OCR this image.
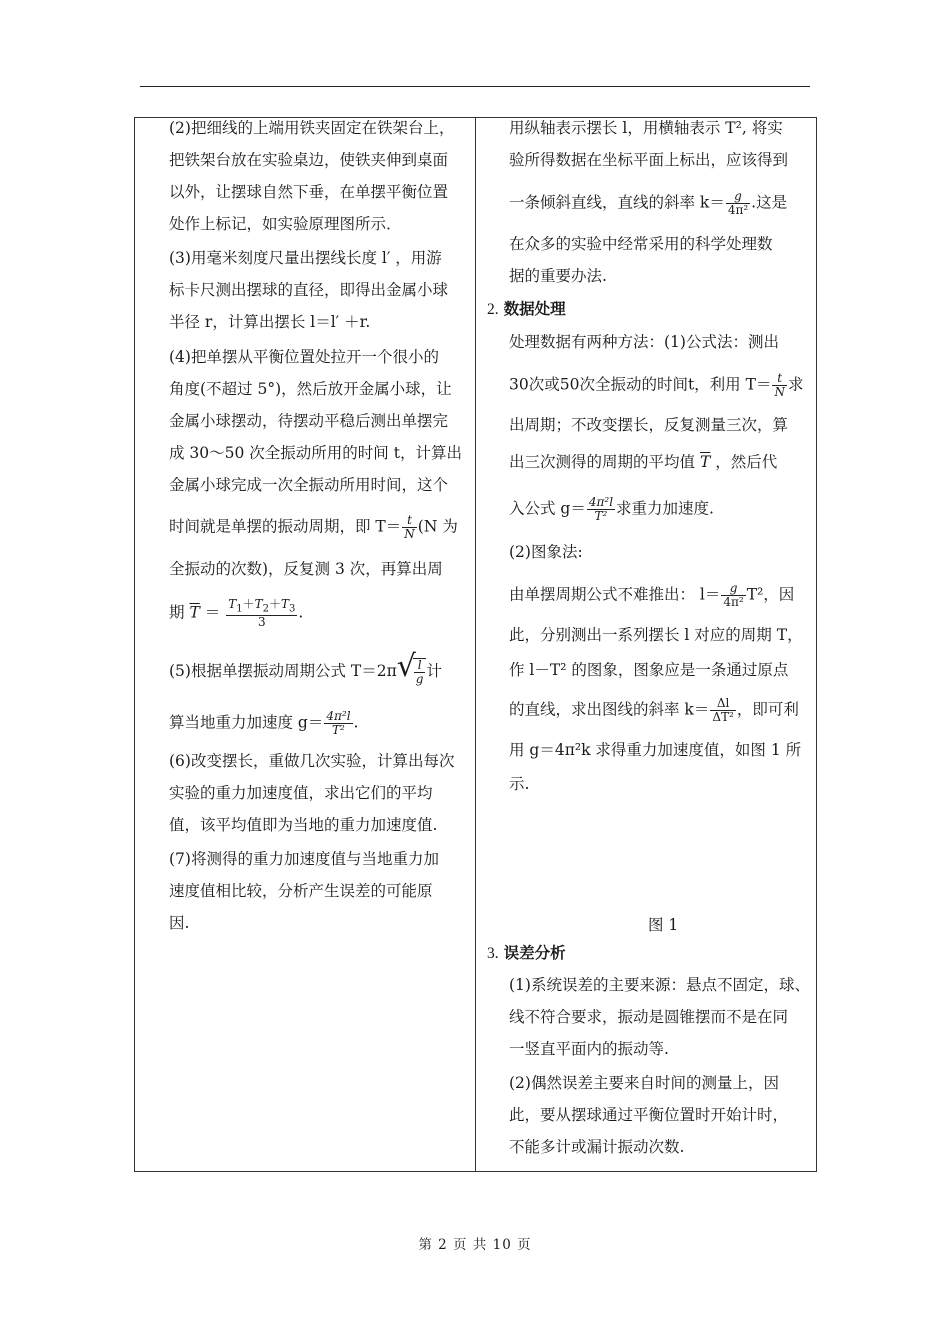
(2)把细线的上端用铁夹固定在铁架台上，
把铁架台放在实验桌边，使铁夹伸到桌面
以外，让摆球自然下垂，在单摆平衡位置
处作上标记，如实验原理图所示．
(3)用毫米刻度尺量出摆线长度 l′ ，用游
标卡尺测出摆球的直径，即得出金属小球
半径 r，计算出摆长 l＝l′ ＋r.
(4)把单摆从平衡位置处拉开一个很小的
角度(不超过 5°)，然后放开金属小球，让
金属小球摆动，待摆动平稳后测出单摆完
成 30～50 次全振动所用的时间 t，计算出
金属小球完成一次全振动所用时间，这个
时间就是单摆的振动周期，即 $T= \frac{t}{N} (N$ 为
全振动的次数)，反复测 3 次，再算出周
期 $\overline{T} = \frac{T_1+T_2+T_3}{3}$ .
(5)根据单摆振动周期公式 T＝2π √
$\frac{l}{g}$ 计
算当地重力加速度 $g= \frac{\text{4π²l}}{\text{T²}}$ .
(6)改变摆长，重做几次实验，计算出每次
实验的重力加速度值，求出它们的平均
值，该平均值即为当地的重力加速度值.
(7)将测得的重力加速度值与当地重力加
速度值相比较，分析产生误差的可能原
因.
用纵轴表示摆长 l，用横轴表示 T², 将实
验所得数据在坐标平面上标出，应该得到
一条倾斜直线，直线的斜率 $k= \frac{g}{\text{4π²}}$ .这是
在众多的实验中经常采用的科学处理数
据的重要办法.
2. 数据处理
处理数据有两种方法：(1)公式法：测出
30次或50次全振动的时间t，利用 $T= \frac{t}{N}$ 求
出周期；不改变摆长，反复测量三次，算
出三次测得的周期的平均值 $\overline{T}$ ，然后代
入公式 $g= \frac{\text{4π²l}}{\text{T²}}$ 求重力加速度.
(2)图象法:
由单摆周期公式不难推出： $l= \frac{g}{\text{4π²}} T^2$，因
此，分别测出一系列摆长 l 对应的周期 T，
作 l－T² 的图象，图象应是一条通过原点
的直线，求出图线的斜率 $k= \frac{\Delta l}{\text{ΔT²}}$ ，即可利
用 g＝4π²k 求得重力加速度值，如图 1 所
示.
3. 误差分析
(1)系统误差的主要来源：悬点不固定，球、
线不符合要求，振动是圆锥摆而不是在同
一竖直平面内的振动等.
(2)偶然误差主要来自时间的测量上，因
此，要从摆球通过平衡位置时开始计时，
不能多计或漏计振动次数.
图 1
第 2 页 共 10 页
